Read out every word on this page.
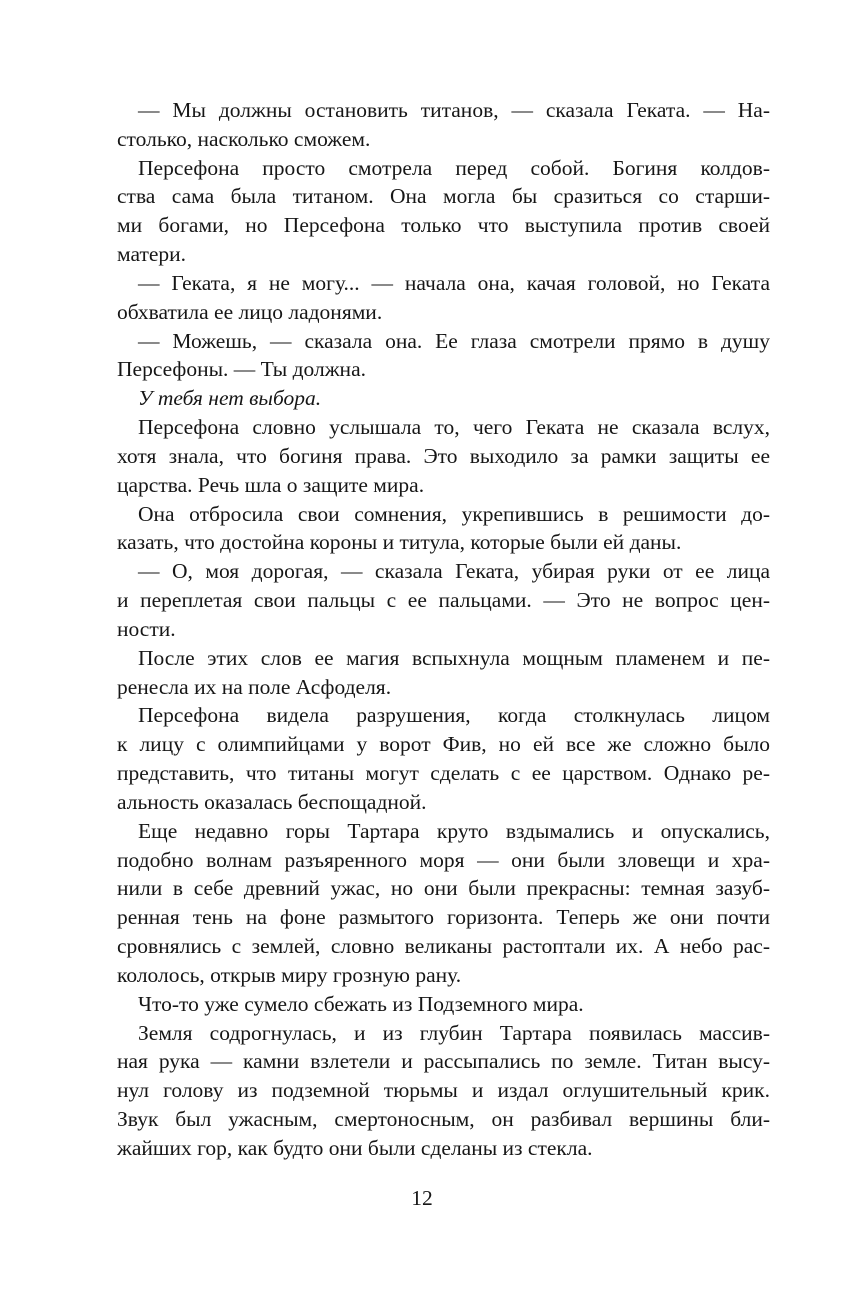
— Мы должны остановить титанов, — сказала Геката. — На-
столько, насколько сможем.
Персефона просто смотрела перед собой. Богиня колдов-
ства сама была титаном. Она могла бы сразиться со старши-
ми богами, но Персефона только что выступила против своей
матери.
— Геката, я не могу... — начала она, качая головой, но Геката
обхватила ее лицо ладонями.
— Можешь, — сказала она. Ее глаза смотрели прямо в душу
Персефоны. — Ты должна.
У тебя нет выбора.
Персефона словно услышала то, чего Геката не сказала вслух,
хотя знала, что богиня права. Это выходило за рамки защиты ее
царства. Речь шла о защите мира.
Она отбросила свои сомнения, укрепившись в решимости до-
казать, что достойна короны и титула, которые были ей даны.
— О, моя дорогая, — сказала Геката, убирая руки от ее лица
и переплетая свои пальцы с ее пальцами. — Это не вопрос цен-
ности.
После этих слов ее магия вспыхнула мощным пламенем и пе-
ренесла их на поле Асфоделя.
Персефона видела разрушения, когда столкнулась лицом
к лицу с олимпийцами у ворот Фив, но ей все же сложно было
представить, что титаны могут сделать с ее царством. Однако ре-
альность оказалась беспощадной.
Еще недавно горы Тартара круто вздымались и опускались,
подобно волнам разъяренного моря — они были зловещи и хра-
нили в себе древний ужас, но они были прекрасны: темная зазуб-
ренная тень на фоне размытого горизонта. Теперь же они почти
сровнялись с землей, словно великаны растоптали их. А небо рас-
кололось, открыв миру грозную рану.
Что-то уже сумело сбежать из Подземного мира.
Земля содрогнулась, и из глубин Тартара появилась массив-
ная рука — камни взлетели и рассыпались по земле. Титан высу-
нул голову из подземной тюрьмы и издал оглушительный крик.
Звук был ужасным, смертоносным, он разбивал вершины бли-
жайших гор, как будто они были сделаны из стекла.
12
